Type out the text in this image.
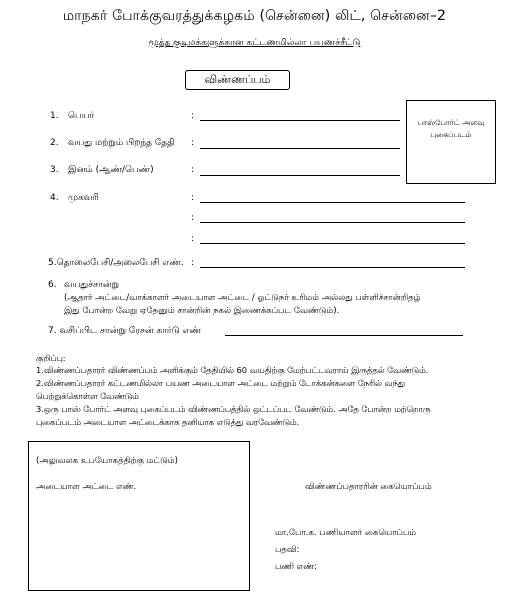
மாநகர் போக்குவரத்துக்கழகம் (சென்னை) லிட், சென்னை–2
மூத்த குடிமக்களுக்கான கட்டணமில்லா பயணச்சீட்டு
விண்ணப்பம்
பாஸ்போர்ட் அளவு
புகைப்படம்
1. பெயர்	:
2. வயது மற்றும் பிறந்த தேதி :
3. இனம் (ஆண்/பெண்)	:
4. முகவரி	:
:
:
5.தொலைபேசி/அலைபேசி எண். :
6. வயதுச்சான்று
(ஆதார் அட்டை/வாக்காளர் அடையாள அட்டை / ஓட்டுநர் உரிமம் அல்லது பள்ளிச்சான்றிதழ்
இது போன்ற வேறு ஏதேனும் சான்றின் நகல் இணைக்கப்பட வேண்டும்).
7. வசிப்பிட சான்று ரேசன் கார்டு எண்
குறிப்பு:
1.விண்ணப்பதாரர் விண்ணப்பம் அளிக்கும் தேதியில் 60 வயதிற்கு மேற்பட்டவராய் இருத்தல் வேண்டும்.
2.விண்ணப்பதாரர் கட்டணமில்லா பயண அடையாள அட்டை மற்றும் டோக்கன்களை நேரில் வந்து
பெற்றுக்கொள்ள வேண்டும்
3.ஒரு பாஸ் போர்ட் அளவு புகைப்படம் விண்ணப்பத்தில் ஒட்டப்பட வேண்டும். அதே போன்ற மற்றொரு
புகைப்படம் அடையாள அட்டைக்காக தனியாக எடுத்து வரவேண்டும்.
(அலுவலக உபயோகத்திற்கு மட்டும்)
அடையாள அட்டை எண்.	விண்ணப்பதாரரின் கையொப்பம்
மா.போ.க. பணியாளர் கையொப்பம்
பதவி:
பணி எண்:
